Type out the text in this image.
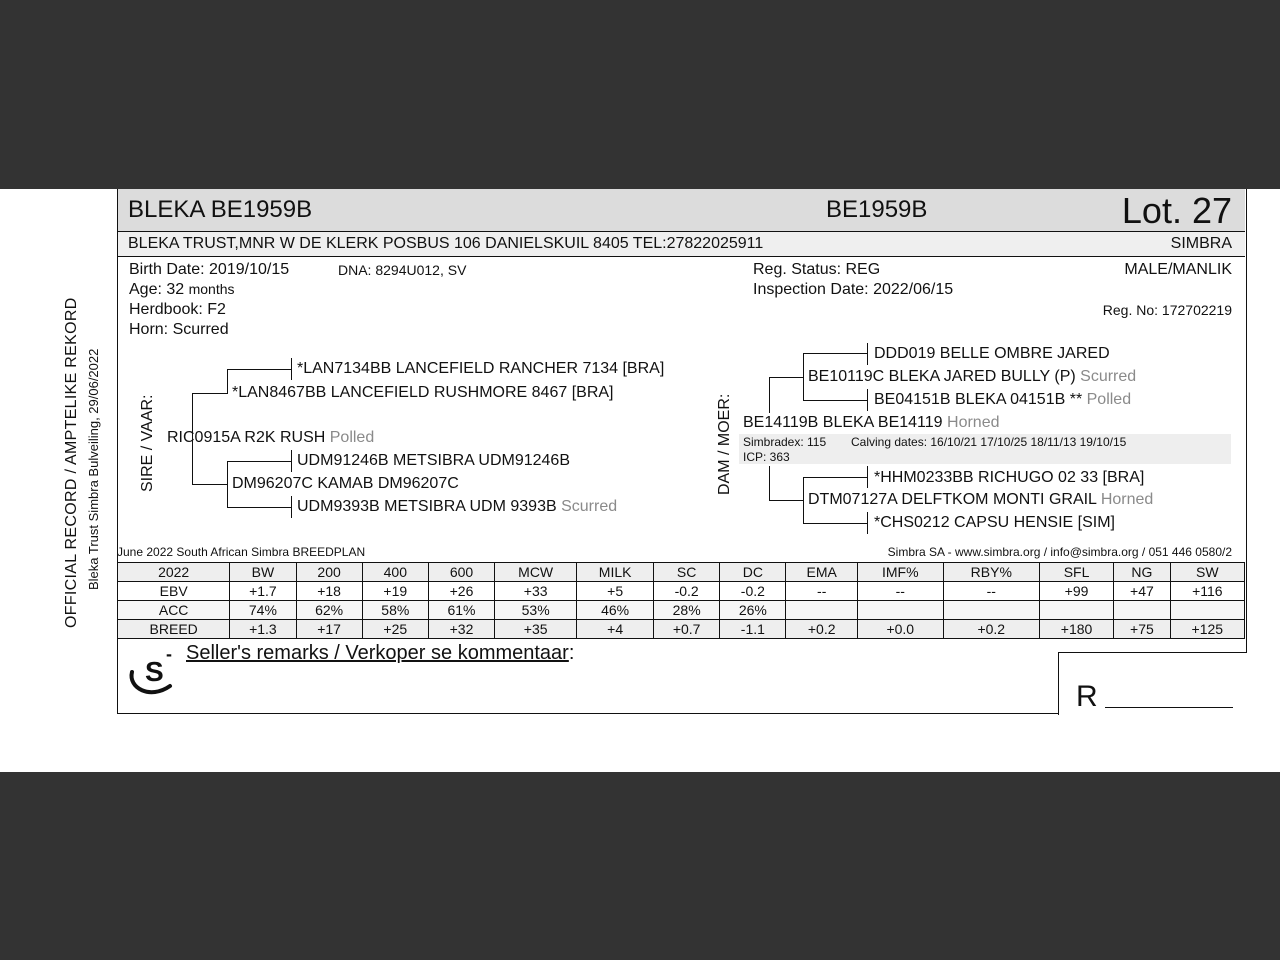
OFFICIAL RECORD / AMPTELIKE REKORD Bleka Trust Simbra Bulveiling, 29/06/2022
BLEKA BE1959B	BE1959B	Lot. 27
BLEKA TRUST,MNR W DE KLERK POSBUS 106 DANIELSKUIL 8405 TEL:27822025911	SIMBRA
Birth Date: 2019/10/15	DNA: 8294U012, SV
Age: 32 months
Herdbook: F2
Horn: Scurred
Reg. Status: REG	MALE/MANLIK
Inspection Date: 2022/06/15
Reg. No: 172702219
SIRE / VAAR:
*LAN7134BB LANCEFIELD RANCHER 7134 [BRA]
*LAN8467BB LANCEFIELD RUSHMORE 8467 [BRA]
RIC0915A R2K RUSH Polled
UDM91246B METSIBRA UDM91246B
DM96207C KAMAB DM96207C
UDM9393B METSIBRA UDM 9393B Scurred
DAM / MOER:
DDD019 BELLE OMBRE JARED
BE10119C BLEKA JARED BULLY (P) Scurred
BE04151B BLEKA 04151B ** Polled
BE14119B BLEKA BE14119 Horned
Simbradex: 115 Calving dates: 16/10/21 17/10/25 18/11/13 19/10/15
ICP: 363
*HHM0233BB RICHUGO 02 33 [BRA]
DTM07127A DELFTKOM MONTI GRAIL Horned
*CHS0212 CAPSU HENSIE [SIM]
June 2022 South African Simbra BREEDPLAN	Simbra SA - www.simbra.org / info@simbra.org / 051 446 0580/2
2022	BW	200	400	600	MCW	MILK	SC	DC	EMA	IMF%	RBY%	SFL	NG	SW
EBV	+1.7	+18	+19	+26	+33	+5	-0.2	-0.2	--	--	--	+99	+47	+116
ACC	74%	62%	58%	61%	53%	46%	28%	26%						
BREED	+1.3	+17	+25	+32	+35	+4	+0.7	-1.1	+0.2	+0.0	+0.2	+180	+75	+125
S
- Seller's remarks / Verkoper se kommentaar:
R
